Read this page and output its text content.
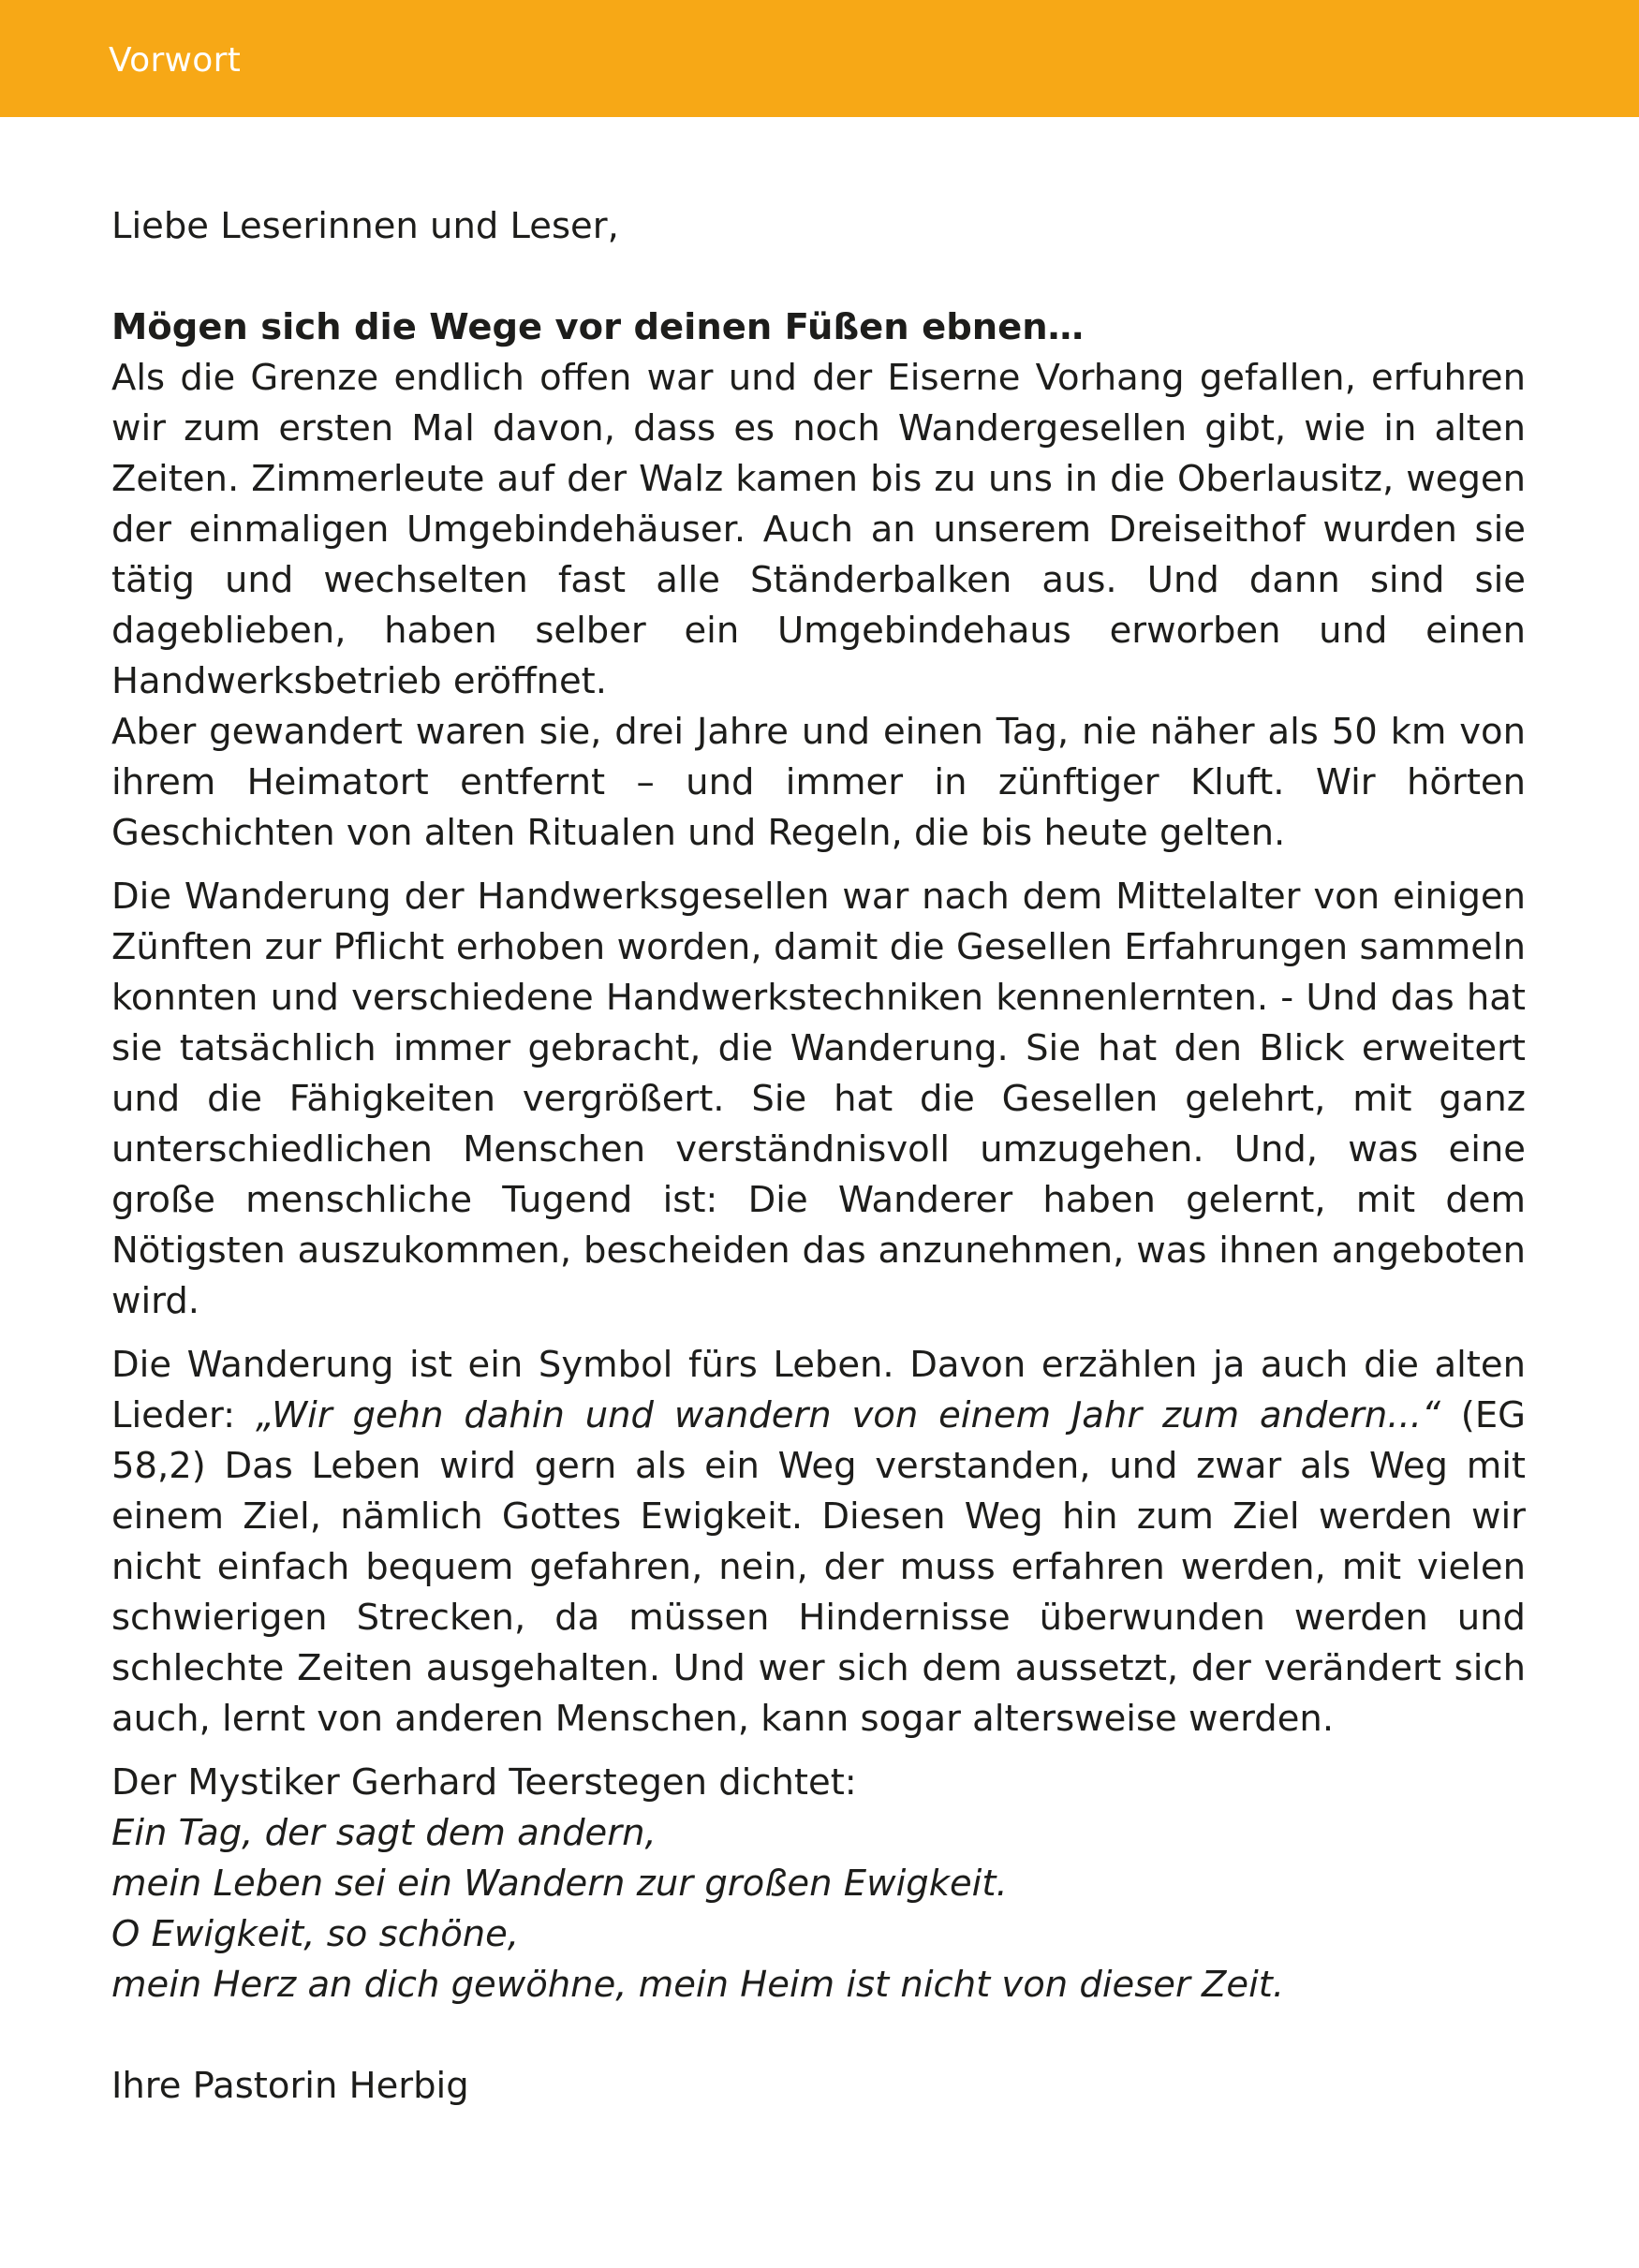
Vorwort

Liebe Leserinnen und Leser,

Mögen sich die Wege vor deinen Füßen ebnen…

Als die Grenze endlich offen war und der Eiserne Vorhang gefallen, erfuhren wir zum ersten Mal davon, dass es noch Wandergesellen gibt, wie in alten Zeiten. Zimmerleute auf der Walz kamen bis zu uns in die Oberlausitz, wegen der einmaligen Umgebindehäuser. Auch an unserem Dreiseithof wurden sie tätig und wechselten fast alle Ständerbalken aus. Und dann sind sie dageblieben, haben selber ein Umgebindehaus erworben und einen Handwerksbetrieb eröffnet.

Aber gewandert waren sie, drei Jahre und einen Tag, nie näher als 50 km von ihrem Heimatort entfernt – und immer in zünftiger Kluft. Wir hörten Geschichten von alten Ritualen und Regeln, die bis heute gelten.

Die Wanderung der Handwerksgesellen war nach dem Mittelalter von einigen Zünften zur Pflicht erhoben worden, damit die Gesellen Erfahrungen sammeln konnten und verschiedene Handwerkstechniken kennenlernten. - Und das hat sie tatsächlich immer gebracht, die Wanderung. Sie hat den Blick erweitert und die Fähigkeiten vergrößert. Sie hat die Gesellen gelehrt, mit ganz unterschiedlichen Menschen verständnisvoll umzugehen. Und, was eine große menschliche Tugend ist: Die Wanderer haben gelernt, mit dem Nötigsten auszukommen, bescheiden das anzunehmen, was ihnen angeboten wird.

Die Wanderung ist ein Symbol fürs Leben. Davon erzählen ja auch die alten Lieder: „Wir gehn dahin und wandern von einem Jahr zum andern...“ (EG 58,2) Das Leben wird gern als ein Weg verstanden, und zwar als Weg mit einem Ziel, nämlich Gottes Ewigkeit. Diesen Weg hin zum Ziel werden wir nicht einfach bequem gefahren, nein, der muss erfahren werden, mit vielen schwierigen Strecken, da müssen Hindernisse überwunden werden und schlechte Zeiten ausgehalten. Und wer sich dem aussetzt, der verändert sich auch, lernt von anderen Menschen, kann sogar altersweise werden.

Der Mystiker Gerhard Teerstegen dichtet:

Ein Tag, der sagt dem andern,
mein Leben sei ein Wandern zur großen Ewigkeit.
O Ewigkeit, so schöne,
mein Herz an dich gewöhne, mein Heim ist nicht von dieser Zeit.

Ihre Pastorin Herbig
